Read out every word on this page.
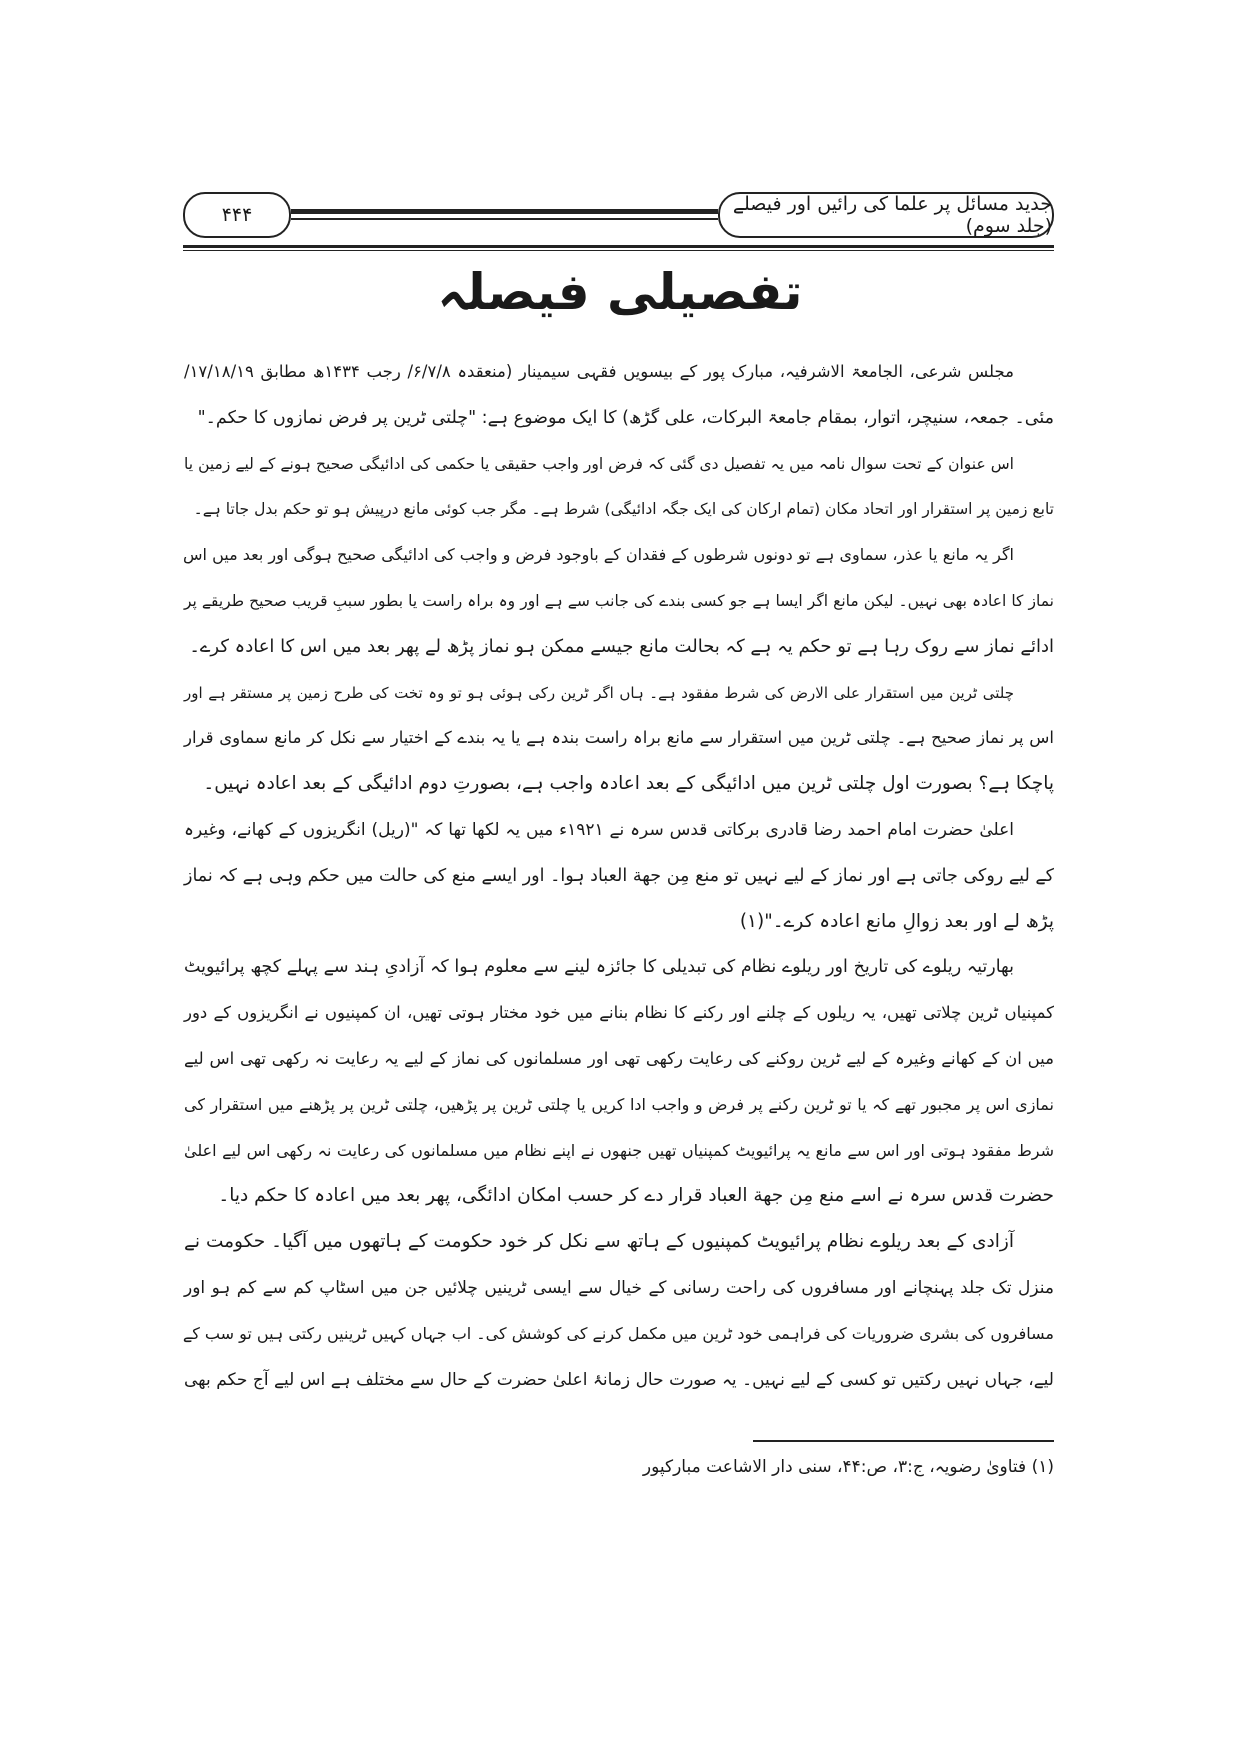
جدید مسائل پر علما کی رائیں اور فیصلے (جلد سوم)
۴۴۴
تفصیلی فیصلہ
مجلس شرعی، الجامعۃ الاشرفیہ، مبارک پور کے بیسویں فقہی سیمینار (منعقدہ ۶/۷/۸/ رجب ۱۴۳۴ھ مطابق ۱۷/۱۸/۱۹/
مئی۔ جمعہ، سنیچر، اتوار، بمقام جامعۃ البرکات، علی گڑھ) کا ایک موضوع ہے: "چلتی ٹرین پر فرض نمازوں کا حکم۔"
اس عنوان کے تحت سوال نامہ میں یہ تفصیل دی گئی کہ فرض اور واجب حقیقی یا حکمی کی ادائیگی صحیح ہونے کے لیے زمین یا
تابع زمین پر استقرار اور اتحاد مکان (تمام ارکان کی ایک جگہ ادائیگی) شرط ہے۔ مگر جب کوئی مانع درپیش ہو تو حکم بدل جاتا ہے۔
اگر یہ مانع یا عذر، سماوی ہے تو دونوں شرطوں کے فقدان کے باوجود فرض و واجب کی ادائیگی صحیح ہوگی اور بعد میں اس
نماز کا اعادہ بھی نہیں۔ لیکن مانع اگر ایسا ہے جو کسی بندے کی جانب سے ہے اور وہ براہ راست یا بطور سببِ قریب صحیح طریقے پر
ادائے نماز سے روک رہا ہے تو حکم یہ ہے کہ بحالت مانع جیسے ممکن ہو نماز پڑھ لے پھر بعد میں اس کا اعادہ کرے۔
چلتی ٹرین میں استقرار علی الارض کی شرط مفقود ہے۔ ہاں اگر ٹرین رکی ہوئی ہو تو وہ تخت کی طرح زمین پر مستقر ہے اور
اس پر نماز صحیح ہے۔ چلتی ٹرین میں استقرار سے مانع براہ راست بندہ ہے یا یہ بندے کے اختیار سے نکل کر مانع سماوی قرار
پاچکا ہے؟ بصورت اول چلتی ٹرین میں ادائیگی کے بعد اعادہ واجب ہے، بصورتِ دوم ادائیگی کے بعد اعادہ نہیں۔
اعلیٰ حضرت امام احمد رضا قادری برکاتی قدس سرہ نے ۱۹۲۱ء میں یہ لکھا تھا کہ "(ریل) انگریزوں کے کھانے، وغیرہ
کے لیے روکی جاتی ہے اور نماز کے لیے نہیں تو منع مِن جهة العباد ہوا۔ اور ایسے منع کی حالت میں حکم وہی ہے کہ نماز
پڑھ لے اور بعد زوالِ مانع اعادہ کرے۔"(۱)
بھارتیہ ریلوے کی تاریخ اور ریلوے نظام کی تبدیلی کا جائزہ لینے سے معلوم ہوا کہ آزادیِ ہند سے پہلے کچھ پرائیویٹ
کمپنیاں ٹرین چلاتی تھیں، یہ ریلوں کے چلنے اور رکنے کا نظام بنانے میں خود مختار ہوتی تھیں، ان کمپنیوں نے انگریزوں کے دور
میں ان کے کھانے وغیرہ کے لیے ٹرین روکنے کی رعایت رکھی تھی اور مسلمانوں کی نماز کے لیے یہ رعایت نہ رکھی تھی اس لیے
نمازی اس پر مجبور تھے کہ یا تو ٹرین رکنے پر فرض و واجب ادا کریں یا چلتی ٹرین پر پڑھیں، چلتی ٹرین پر پڑھنے میں استقرار کی
شرط مفقود ہوتی اور اس سے مانع یہ پرائیویٹ کمپنیاں تھیں جنھوں نے اپنے نظام میں مسلمانوں کی رعایت نہ رکھی اس لیے اعلیٰ
حضرت قدس سرہ نے اسے منع مِن جهة العباد قرار دے کر حسب امکان ادائگی، پھر بعد میں اعادہ کا حکم دیا۔
آزادی کے بعد ریلوے نظام پرائیویٹ کمپنیوں کے ہاتھ سے نکل کر خود حکومت کے ہاتھوں میں آگیا۔ حکومت نے
منزل تک جلد پہنچانے اور مسافروں کی راحت رسانی کے خیال سے ایسی ٹرینیں چلائیں جن میں اسٹاپ کم سے کم ہو اور
مسافروں کی بشری ضروریات کی فراہمی خود ٹرین میں مکمل کرنے کی کوشش کی۔ اب جہاں کہیں ٹرینیں رکتی ہیں تو سب کے
لیے، جہاں نہیں رکتیں تو کسی کے لیے نہیں۔ یہ صورت حال زمانۂ اعلیٰ حضرت کے حال سے مختلف ہے اس لیے آج حکم بھی
(۱) فتاویٰ رضویہ، ج:۳، ص:۴۴، سنی دار الاشاعت مبارکپور
